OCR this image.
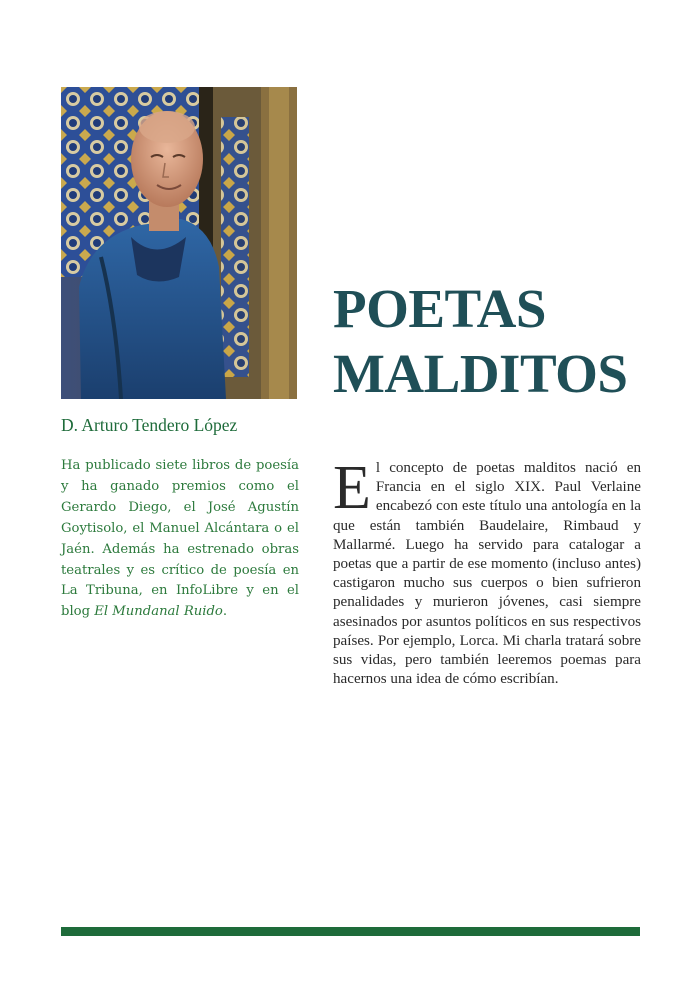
D. Arturo Tendero López

Ha publicado siete libros de poesía y ha ganado premios como el Gerardo Diego, el José Agustín Goytisolo, el Manuel Alcántara o el Jaén. Además ha estrenado obras teatrales y es crítico de poesía en La Tribuna, en InfoLibre y en el blog El Mundanal Ruido.

POETAS
MALDITOS

El concepto de poetas malditos nació en Francia en el siglo XIX. Paul Verlaine encabezó con este título una antología en la que están también Baudelaire, Rimbaud y Mallarmé. Luego ha servido para catalogar a poetas que a partir de ese momento (incluso antes) castigaron mucho sus cuerpos o bien sufrieron penalidades y murieron jóvenes, casi siempre asesinados por asuntos políticos en sus respectivos países. Por ejemplo, Lorca. Mi charla tratará sobre sus vidas, pero también leeremos poemas para hacernos una idea de cómo escribían.
